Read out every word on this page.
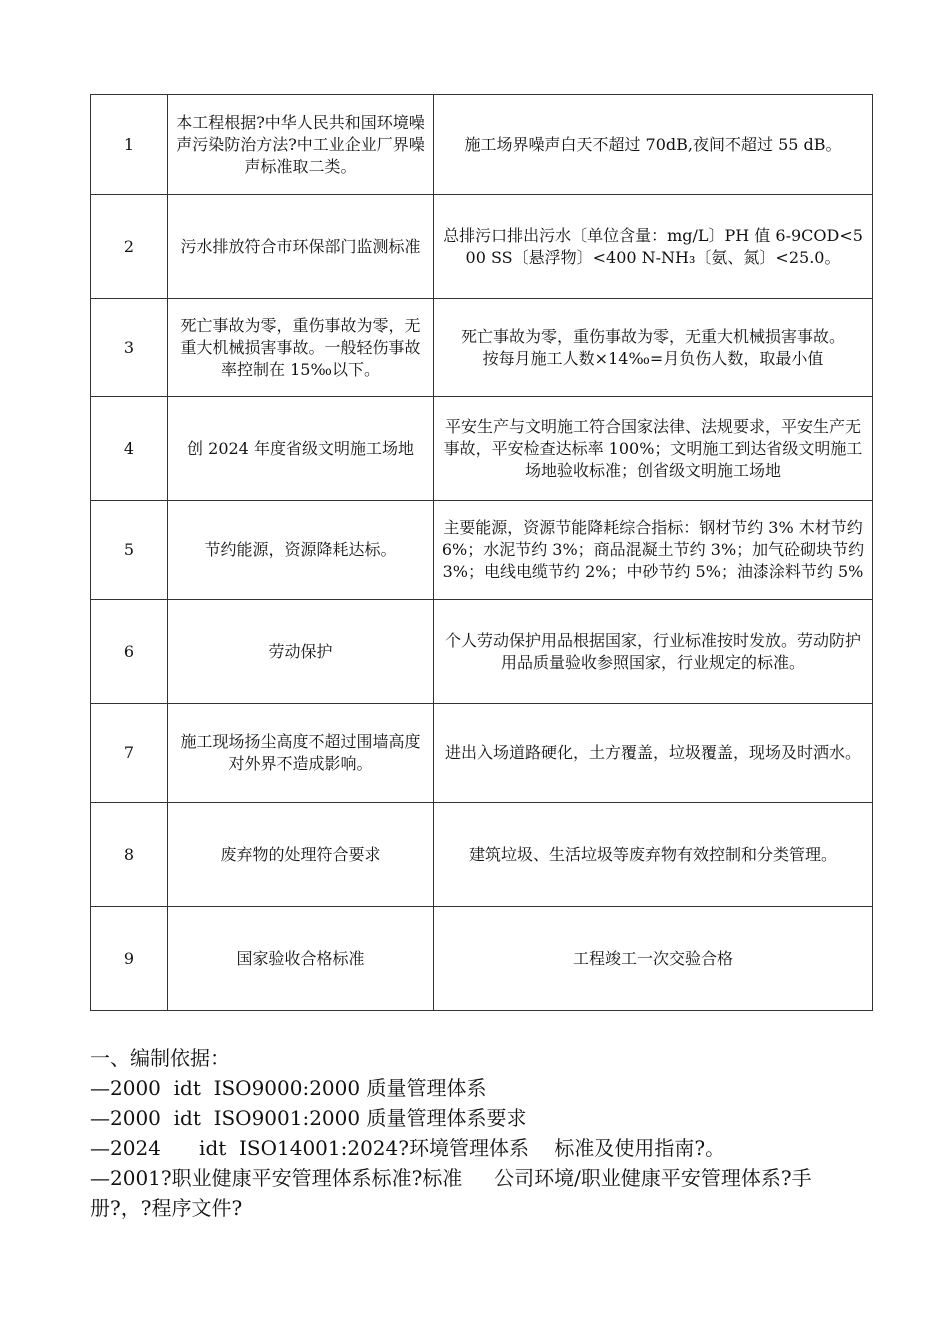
1	本工程根据?中华人民共和国环境噪声污染防治方法?中工业企业厂界噪声标准取二类。	施工场界噪声白天不超过 70dB,夜间不超过 55 dB。

2	污水排放符合市环保部门监测标准	总排污口排出污水〔单位含量：mg/L〕PH 值 6-9COD<500 SS〔悬浮物〕<400 N-NH₃〔氨、氮〕<25.0。

3	死亡事故为零，重伤事故为零，无重大机械损害事故。一般轻伤事故率控制在 15‰以下。	死亡事故为零，重伤事故为零，无重大机械损害事故。
按每月施工人数×14‰=月负伤人数，取最小值

4	创 2024 年度省级文明施工场地	平安生产与文明施工符合国家法律、法规要求，平安生产无事故，平安检查达标率 100%；文明施工到达省级文明施工场地验收标准；创省级文明施工场地

5	节约能源，资源降耗达标。	主要能源，资源节能降耗综合指标：钢材节约 3% 木材节约 6%；水泥节约 3%；商品混凝土节约 3%；加气砼砌块节约 3%；电线电缆节约 2%；中砂节约 5%；油漆涂料节约 5%

6	劳动保护	个人劳动保护用品根据国家，行业标准按时发放。劳动防护用品质量验收参照国家，行业规定的标准。

7	施工现场扬尘高度不超过围墙高度对外界不造成影响。	进出入场道路硬化，土方覆盖，垃圾覆盖，现场及时洒水。

8	废弃物的处理符合要求	建筑垃圾、生活垃圾等废弃物有效控制和分类管理。

9	国家验收合格标准	工程竣工一次交验合格
一、编制依据：
—2000  idt  ISO9000:2000 质量管理体系
—2000  idt  ISO9001:2000 质量管理体系要求
—2024      idt  ISO14001:2024?环境管理体系    标准及使用指南?。
—2001?职业健康平安管理体系标准?标准     公司环境/职业健康平安管理体系?手册?，?程序文件?
